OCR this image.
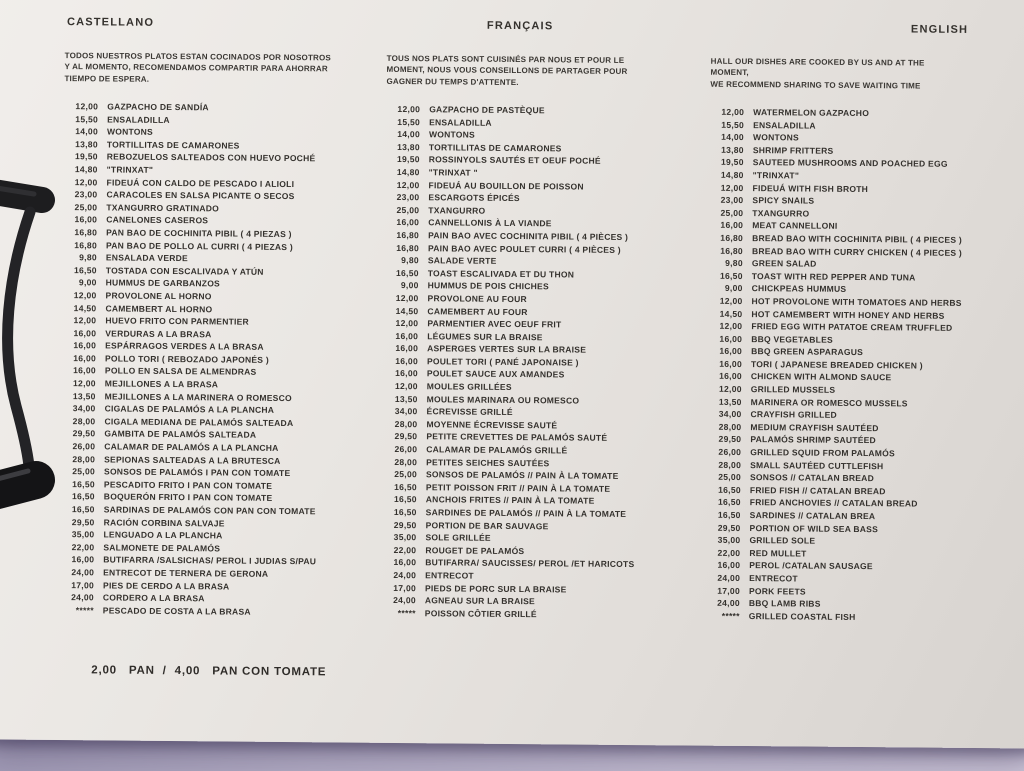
CASTELLANO

TODOS NUESTROS PLATOS ESTAN COCINADOS POR NOSOTROS
Y AL MOMENTO, RECOMENDAMOS COMPARTIR PARA AHORRAR
TIEMPO DE ESPERA.

12,00 GAZPACHO DE SANDÍA
15,50 ENSALADILLA
14,00 WONTONS
13,80 TORTILLITAS DE CAMARONES
19,50 REBOZUELOS SALTEADOS CON HUEVO POCHÉ
14,80 "TRINXAT"
12,00 FIDEUÁ CON CALDO DE PESCADO I ALIOLI
23,00 CARACOLES EN SALSA PICANTE O SECOS
25,00 TXANGURRO GRATINADO
16,00 CANELONES CASEROS
16,80 PAN BAO DE COCHINITA PIBIL ( 4 PIEZAS )
16,80 PAN BAO DE POLLO AL CURRI ( 4 PIEZAS )
9,80 ENSALADA VERDE
16,50 TOSTADA CON ESCALIVADA Y ATÚN
9,00 HUMMUS DE GARBANZOS
12,00 PROVOLONE AL HORNO
14,50 CAMEMBERT AL HORNO
12,00 HUEVO FRITO CON PARMENTIER
16,00 VERDURAS A LA BRASA
16,00 ESPÁRRAGOS VERDES A LA BRASA
16,00 POLLO TORI ( REBOZADO JAPONÉS )
16,00 POLLO EN SALSA DE ALMENDRAS
12,00 MEJILLONES A LA BRASA
13,50 MEJILLONES A LA MARINERA O ROMESCO
34,00 CIGALAS DE PALAMÓS A LA PLANCHA
28,00 CIGALA MEDIANA DE PALAMÓS SALTEADA
29,50 GAMBITA DE PALAMÓS SALTEADA
26,00 CALAMAR DE PALAMÓS A LA PLANCHA
28,00 SEPIONAS SALTEADAS A LA BRUTESCA
25,00 SONSOS DE PALAMÓS I PAN CON TOMATE
16,50 PESCADITO FRITO I PAN CON TOMATE
16,50 BOQUERÓN FRITO I PAN CON TOMATE
16,50 SARDINAS DE PALAMÓS CON PAN CON TOMATE
29,50 RACIÓN CORBINA SALVAJE
35,00 LENGUADO A LA PLANCHA
22,00 SALMONETE DE PALAMÓS
16,00 BUTIFARRA /SALSICHAS/ PEROL I JUDIAS S/PAU
24,00 ENTRECOT DE TERNERA DE GERONA
17,00 PIES DE CERDO A LA BRASA
24,00 CORDERO A LA BRASA
***** PESCADO DE COSTA A LA BRASA
FRANÇAIS

TOUS NOS PLATS SONT CUISINÉS PAR NOUS ET POUR LE
MOMENT, NOUS VOUS CONSEILLONS DE PARTAGER POUR
GAGNER DU TEMPS D'ATTENTE.

12,00 GAZPACHO DE PASTÈQUE
15,50 ENSALADILLA
14,00 WONTONS
13,80 TORTILLITAS DE CAMARONES
19,50 ROSSINYOLS SAUTÉS ET OEUF POCHÉ
14,80 "TRINXAT "
12,00 FIDEUÁ AU BOUILLON DE POISSON
23,00 ESCARGOTS ÉPICÉS
25,00 TXANGURRO
16,00 CANNELLONIS À LA VIANDE
16,80 PAIN BAO AVEC COCHINITA PIBIL ( 4 PIÈCES )
16,80 PAIN BAO AVEC POULET CURRI ( 4 PIÈCES )
9,80 SALADE VERTE
16,50 TOAST ESCALIVADA ET DU THON
9,00 HUMMUS DE POIS CHICHES
12,00 PROVOLONE AU FOUR
14,50 CAMEMBERT AU FOUR
12,00 PARMENTIER AVEC OEUF FRIT
16,00 LÉGUMES SUR LA BRAISE
16,00 ASPERGES VERTES SUR LA BRAISE
16,00 POULET TORI ( PANÉ JAPONAISE )
16,00 POULET SAUCE AUX AMANDES
12,00 MOULES GRILLÉES
13,50 MOULES MARINARA OU ROMESCO
34,00 ÉCREVISSE GRILLÉ
28,00 MOYENNE ÉCREVISSE SAUTÉ
29,50 PETITE CREVETTES DE PALAMÓS SAUTÉ
26,00 CALAMAR DE PALAMÓS GRILLÉ
28,00 PETITES SEICHES SAUTÉES
25,00 SONSOS DE PALAMÓS // PAIN À LA TOMATE
16,50 PETIT POISSON FRIT // PAIN À LA TOMATE
16,50 ANCHOIS FRITES // PAIN À LA TOMATE
16,50 SARDINES DE PALAMÓS // PAIN À LA TOMATE
29,50 PORTION DE BAR SAUVAGE
35,00 SOLE GRILLÉE
22,00 ROUGET DE PALAMÓS
16,00 BUTIFARRA/ SAUCISSES/ PEROL /ET HARICOTS
24,00 ENTRECOT
17,00 PIEDS DE PORC SUR LA BRAISE
24,00 AGNEAU SUR LA BRAISE
***** POISSON CÔTIER GRILLÉ
ENGLISH

HALL OUR DISHES ARE COOKED BY US AND AT THE
MOMENT,
WE RECOMMEND SHARING TO SAVE WAITING TIME

12,00 WATERMELON GAZPACHO
15,50 ENSALADILLA
14,00 WONTONS
13,80 SHRIMP FRITTERS
19,50 SAUTEED MUSHROOMS AND POACHED EGG
14,80 "TRINXAT"
12,00 FIDEUÁ WITH FISH BROTH
23,00 SPICY SNAILS
25,00 TXANGURRO
16,00 MEAT CANNELLONI
16,80 BREAD BAO WITH COCHINITA PIBIL ( 4 PIECES )
16,80 BREAD BAO WITH CURRY CHICKEN ( 4 PIECES )
9,80 GREEN SALAD
16,50 TOAST WITH RED PEPPER AND TUNA
9,00 CHICKPEAS HUMMUS
12,00 HOT PROVOLONE WITH TOMATOES AND HERBS
14,50 HOT CAMEMBERT WITH HONEY AND HERBS
12,00 FRIED EGG WITH PATATOE CREAM TRUFFLED
16,00 BBQ VEGETABLES
16,00 BBQ GREEN ASPARAGUS
16,00 TORI ( JAPANESE BREADED CHICKEN )
16,00 CHICKEN WITH ALMOND SAUCE
12,00 GRILLED MUSSELS
13,50 MARINERA OR ROMESCO MUSSELS
34,00 CRAYFISH GRILLED
28,00 MEDIUM CRAYFISH SAUTÉED
29,50 PALAMÓS SHRIMP SAUTÉED
26,00 GRILLED SQUID FROM PALAMÓS
28,00 SMALL SAUTÉED CUTTLEFISH
25,00 SONSOS // CATALAN BREAD
16,50 FRIED FISH // CATALAN BREAD
16,50 FRIED ANCHOVIES // CATALAN BREAD
16,50 SARDINES // CATALAN BREA
29,50 PORTION OF WILD SEA BASS
35,00 GRILLED SOLE
22,00 RED MULLET
16,00 PEROL /CATALAN SAUSAGE
24,00 ENTRECOT
17,00 PORK FEETS
24,00 BBQ LAMB RIBS
***** GRILLED COASTAL FISH
2,00   PAN  /  4,00   PAN CON TOMATE
